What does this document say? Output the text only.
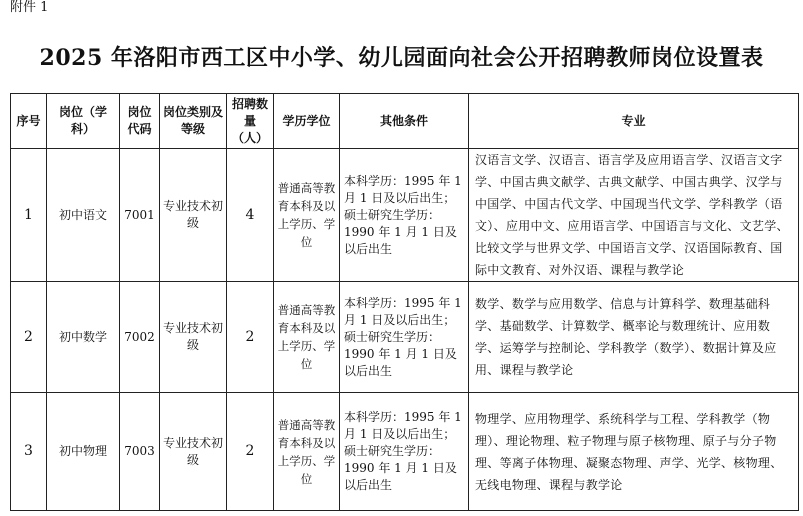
附件 1
2025 年洛阳市西工区中小学、幼儿园面向社会公开招聘教师岗位设置表
序号	岗位（学科）	岗位代码	岗位类别及等级	招聘数量（人）	学历学位	其他条件	专业
1	初中语文	7001	专业技术初级	4	普通高等教育本科及以上学历、学位	本科学历：1995 年 1 月 1 日及以后出生；硕士研究生学历：1990 年 1 月 1 日及以后出生	汉语言文学、汉语言、语言学及应用语言学、汉语言文字学、中国古典文献学、古典文献学、中国古典学、汉学与中国学、中国古代文学、中国现当代文学、学科教学（语文）、应用中文、应用语言学、中国语言与文化、文艺学、比较文学与世界文学、中国语言文学、汉语国际教育、国际中文教育、对外汉语、课程与教学论
2	初中数学	7002	专业技术初级	2	普通高等教育本科及以上学历、学位	本科学历：1995 年 1 月 1 日及以后出生；硕士研究生学历：1990 年 1 月 1 日及以后出生	数学、数学与应用数学、信息与计算科学、数理基础科学、基础数学、计算数学、概率论与数理统计、应用数学、运筹学与控制论、学科教学（数学）、数据计算及应用、课程与教学论
3	初中物理	7003	专业技术初级	2	普通高等教育本科及以上学历、学位	本科学历：1995 年 1 月 1 日及以后出生；硕士研究生学历：1990 年 1 月 1 日及以后出生	物理学、应用物理学、系统科学与工程、学科教学（物理）、理论物理、粒子物理与原子核物理、原子与分子物理、等离子体物理、凝聚态物理、声学、光学、核物理、无线电物理、课程与教学论
